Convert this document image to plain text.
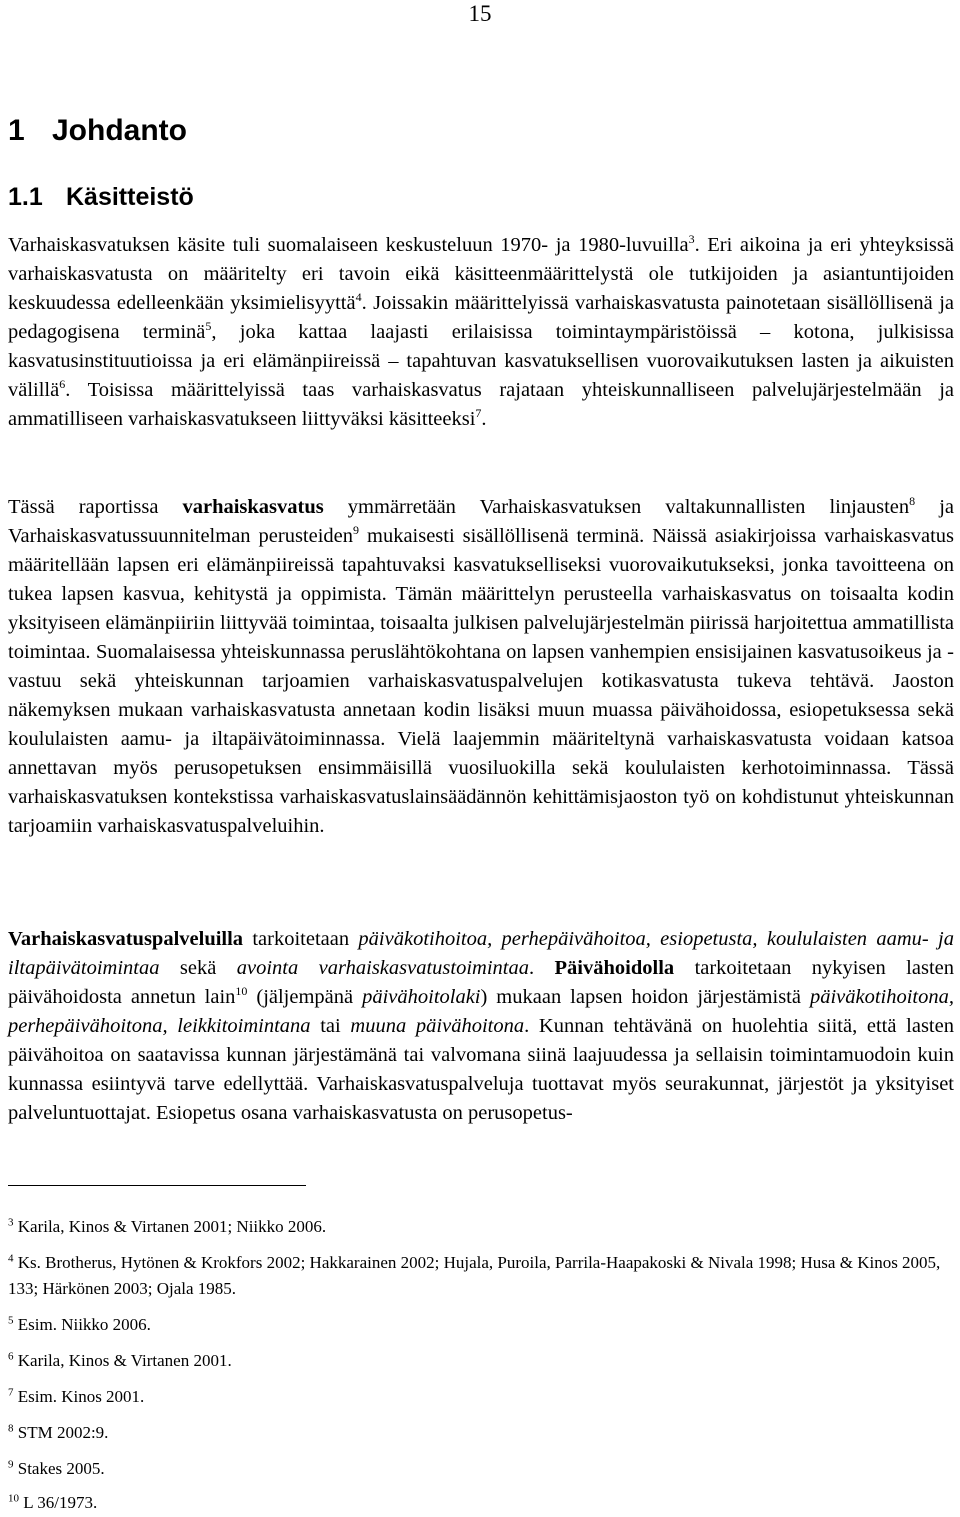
15
1 Johdanto
1.1 Käsitteistö
Varhaiskasvatuksen käsite tuli suomalaiseen keskusteluun 1970- ja 1980-luvuilla$^3$. Eri aikoina ja eri yhteyksissä varhaiskasvatusta on määritelty eri tavoin eikä käsitteenmäärittelystä ole tutkijoiden ja asiantuntijoiden keskuudessa edelleenkään yksimielisyyttä$^4$. Joissakin määrittelyissä varhaiskasvatusta painotetaan sisällöllisenä ja pedagogisena terminä$^5$, joka kattaa laajasti erilaisissa toimintaympäristöissä – kotona, julkisissa kasvatusinstituutioissa ja eri elämänpiireissä – tapahtuvan kasvatuksellisen vuorovaikutuksen lasten ja aikuisten välillä$^6$. Toisissa määrittelyissä taas varhaiskasvatus rajataan yhteiskunnalliseen palvelujärjestelmään ja ammatilliseen varhaiskasvatukseen liittyväksi käsitteeksi$^7$.
Tässä raportissa varhaiskasvatus ymmärretään Varhaiskasvatuksen valtakunnallisten linjausten$^8$ ja Varhaiskasvatussuunnitelman perusteiden$^9$ mukaisesti sisällöllisenä terminä. Näissä asiakirjoissa varhaiskasvatus määritellään lapsen eri elämänpiireissä tapahtuvaksi kasvatukselliseksi vuorovaikutukseksi, jonka tavoitteena on tukea lapsen kasvua, kehitystä ja oppimista. Tämän määrittelyn perusteella varhaiskasvatus on toisaalta kodin yksityiseen elämänpiiriin liittyvää toimintaa, toisaalta julkisen palvelujärjestelmän piirissä harjoitettua ammatillista toimintaa. Suomalaisessa yhteiskunnassa peruslähtökohtana on lapsen vanhempien ensisijainen kasvatusoikeus ja -vastuu sekä yhteiskunnan tarjoamien varhaiskasvatuspalvelujen kotikasvatusta tukeva tehtävä. Jaoston näkemyksen mukaan varhaiskasvatusta annetaan kodin lisäksi muun muassa päivähoidossa, esiopetuksessa sekä koululaisten aamu- ja iltapäivätoiminnassa. Vielä laajemmin määriteltynä varhaiskasvatusta voidaan katsoa annettavan myös perusopetuksen ensimmäisillä vuosiluokilla sekä koululaisten kerhotoiminnassa. Tässä varhaiskasvatuksen kontekstissa varhaiskasvatuslainsäädännön kehittämisjaoston työ on kohdistunut yhteiskunnan tarjoamiin varhaiskasvatuspalveluihin.
Varhaiskasvatuspalveluilla tarkoitetaan päiväkotihoitoa, perhepäivähoitoa, esiopetusta, koululaisten aamu- ja iltapäivätoimintaa sekä avointa varhaiskasvatustoimintaa. Päivähoidolla tarkoitetaan nykyisen lasten päivähoidosta annetun lain$^{10}$ (jäljempänä päivähoitolaki) mukaan lapsen hoidon järjestämistä päiväkotihoitona, perhepäivähoitona, leikkitoimintana tai muuna päivähoitona. Kunnan tehtävänä on huolehtia siitä, että lasten päivähoitoa on saatavissa kunnan järjestämänä tai valvomana siinä laajuudessa ja sellaisin toimintamuodoin kuin kunnassa esiintyvä tarve edellyttää. Varhaiskasvatuspalveluja tuottavat myös seurakunnat, järjestöt ja yksityiset palveluntuottajat. Esiopetus osana varhaiskasvatusta on perusopetus-
$^3$ Karila, Kinos & Virtanen 2001; Niikko 2006.
$^4$ Ks. Brotherus, Hytönen & Krokfors 2002; Hakkarainen 2002; Hujala, Puroila, Parrila-Haapakoski & Nivala 1998; Husa & Kinos 2005, 133; Härkönen 2003; Ojala 1985.
$^5$ Esim. Niikko 2006.
$^6$ Karila, Kinos & Virtanen 2001.
$^7$ Esim. Kinos 2001.
$^8$ STM 2002:9.
$^9$ Stakes 2005.
$^{10}$ L 36/1973.
